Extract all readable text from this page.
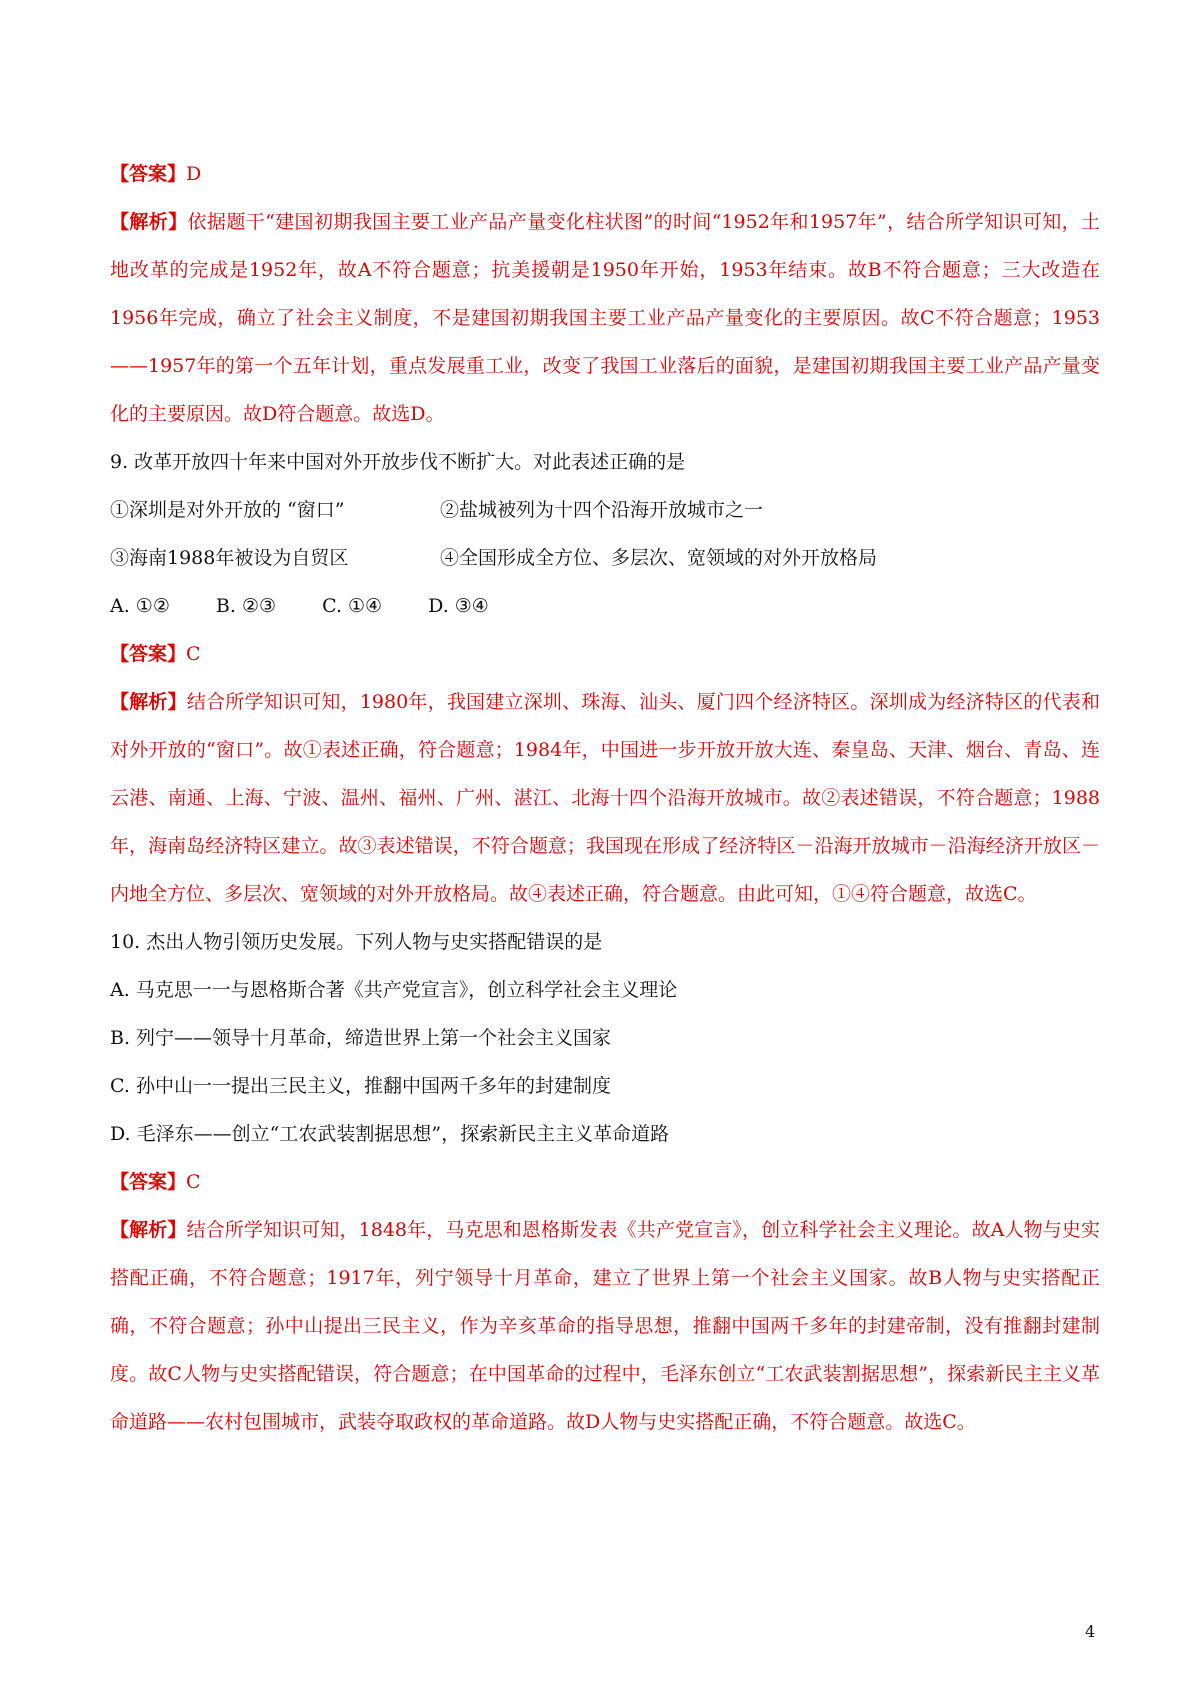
【答案】D
【解析】依据题干“建国初期我国主要工业产品产量变化柱状图”的时间“1952年和1957年”，结合所学知识可知，土地改革的完成是1952年，故A不符合题意；抗美援朝是1950年开始，1953年结束。故B不符合题意；三大改造在1956年完成，确立了社会主义制度，不是建国初期我国主要工业产品产量变化的主要原因。故C不符合题意；1953——1957年的第一个五年计划，重点发展重工业，改变了我国工业落后的面貌，是建国初期我国主要工业产品产量变化的主要原因。故D符合题意。故选D。
9. 改革开放四十年来中国对外开放步伐不断扩大。对此表述正确的是
①深圳是对外开放的 “窗口”	②盐城被列为十四个沿海开放城市之一
③海南1988年被设为自贸区	④全国形成全方位、多层次、宽领域的对外开放格局
A. ①② B. ②③ C. ①④ D. ③④
【答案】C
【解析】结合所学知识可知，1980年，我国建立深圳、珠海、汕头、厦门四个经济特区。深圳成为经济特区的代表和对外开放的“窗口”。故①表述正确，符合题意；1984年，中国进一步开放开放大连、秦皇岛、天津、烟台、青岛、连云港、南通、上海、宁波、温州、福州、广州、湛江、北海十四个沿海开放城市。故②表述错误，不符合题意；1988年，海南岛经济特区建立。故③表述错误，不符合题意；我国现在形成了经济特区－沿海开放城市－沿海经济开放区－内地全方位、多层次、宽领域的对外开放格局。故④表述正确，符合题意。由此可知，①④符合题意，故选C。
10. 杰出人物引领历史发展。下列人物与史实搭配错误的是
A. 马克思一一与恩格斯合著《共产党宣言》，创立科学社会主义理论
B. 列宁——领导十月革命，缔造世界上第一个社会主义国家
C. 孙中山一一提出三民主义，推翻中国两千多年的封建制度
D. 毛泽东——创立“工农武装割据思想”，探索新民主主义革命道路
【答案】C
【解析】结合所学知识可知，1848年，马克思和恩格斯发表《共产党宣言》，创立科学社会主义理论。故A人物与史实搭配正确，不符合题意；1917年，列宁领导十月革命，建立了世界上第一个社会主义国家。故B人物与史实搭配正确，不符合题意；孙中山提出三民主义，作为辛亥革命的指导思想，推翻中国两千多年的封建帝制，没有推翻封建制度。故C人物与史实搭配错误，符合题意；在中国革命的过程中，毛泽东创立“工农武装割据思想”，探索新民主主义革命道路——农村包围城市，武装夺取政权的革命道路。故D人物与史实搭配正确，不符合题意。故选C。
4
